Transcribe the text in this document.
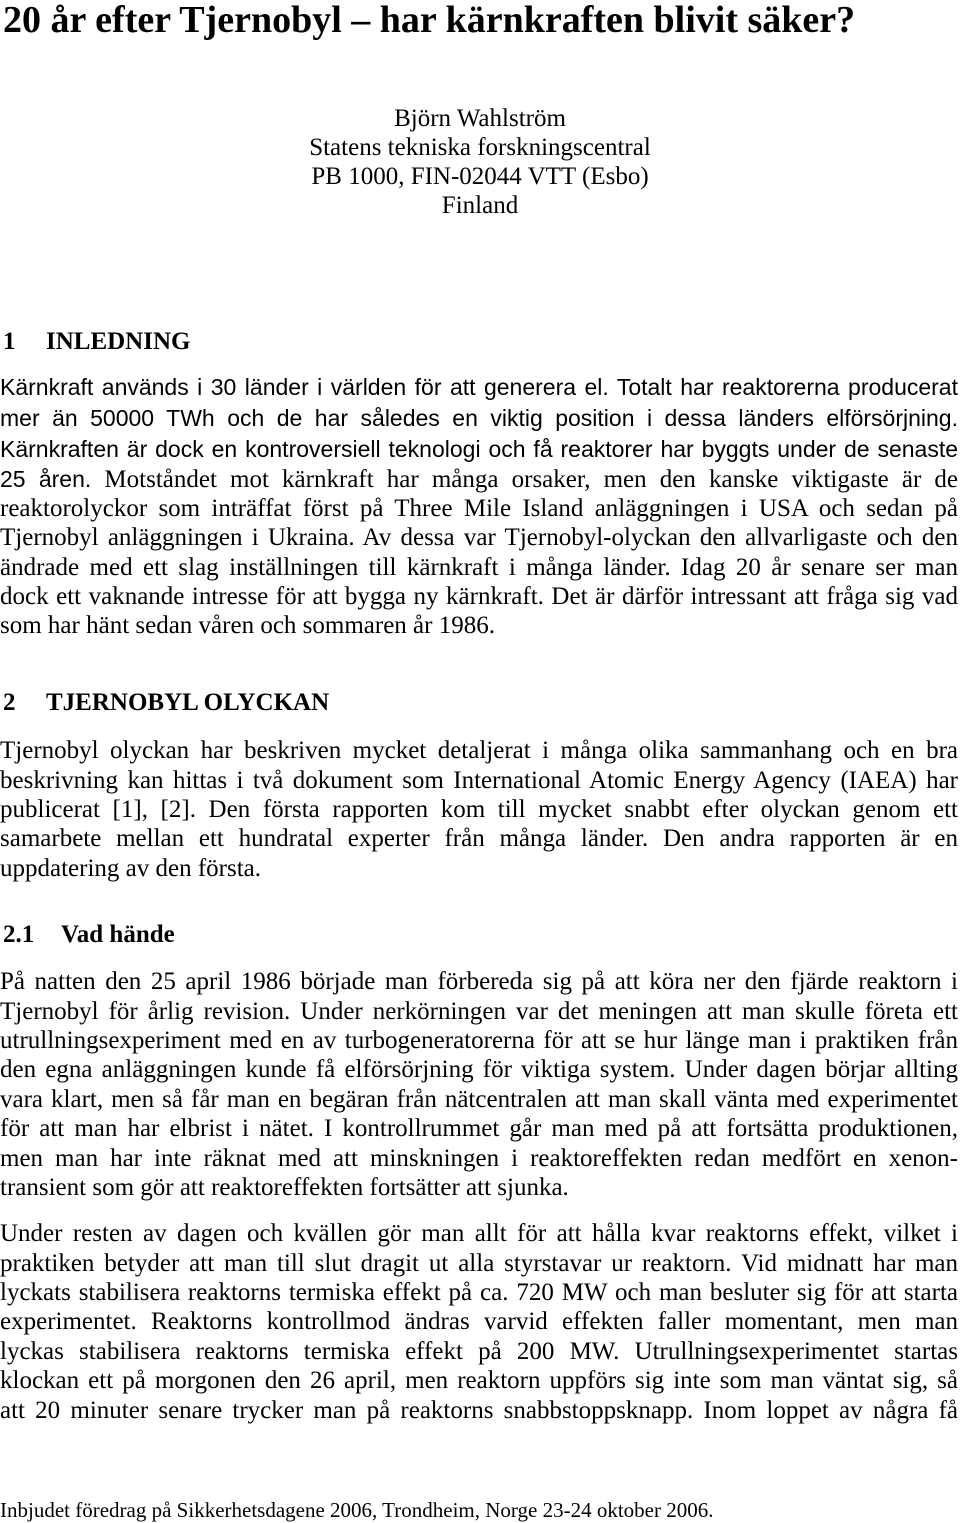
20 år efter Tjernobyl – har kärnkraften blivit säker?
Björn Wahlström
Statens tekniska forskningscentral
PB 1000, FIN-02044 VTT (Esbo)
Finland
1 INLEDNING
Kärnkraft används i 30 länder i världen för att generera el. Totalt har reaktorerna producerat
mer än 50000 TWh och de har således en viktig position i dessa länders elförsörjning.
Kärnkraften är dock en kontroversiell teknologi och få reaktorer har byggts under de senaste
25 åren. Motståndet mot kärnkraft har många orsaker, men den kanske viktigaste är de
reaktorolyckor som inträffat först på Three Mile Island anläggningen i USA och sedan på
Tjernobyl anläggningen i Ukraina. Av dessa var Tjernobyl-olyckan den allvarligaste och den
ändrade med ett slag inställningen till kärnkraft i många länder. Idag 20 år senare ser man
dock ett vaknande intresse för att bygga ny kärnkraft. Det är därför intressant att fråga sig vad
som har hänt sedan våren och sommaren år 1986.
2 TJERNOBYL OLYCKAN
Tjernobyl olyckan har beskriven mycket detaljerat i många olika sammanhang och en bra
beskrivning kan hittas i två dokument som International Atomic Energy Agency (IAEA) har
publicerat [1], [2]. Den första rapporten kom till mycket snabbt efter olyckan genom ett
samarbete mellan ett hundratal experter från många länder. Den andra rapporten är en
uppdatering av den första.
2.1 Vad hände
På natten den 25 april 1986 började man förbereda sig på att köra ner den fjärde reaktorn i
Tjernobyl för årlig revision. Under nerkörningen var det meningen att man skulle företa ett
utrullningsexperiment med en av turbogeneratorerna för att se hur länge man i praktiken från
den egna anläggningen kunde få elförsörjning för viktiga system. Under dagen börjar allting
vara klart, men så får man en begäran från nätcentralen att man skall vänta med experimentet
för att man har elbrist i nätet. I kontrollrummet går man med på att fortsätta produktionen,
men man har inte räknat med att minskningen i reaktoreffekten redan medfört en xenon-
transient som gör att reaktoreffekten fortsätter att sjunka.
Under resten av dagen och kvällen gör man allt för att hålla kvar reaktorns effekt, vilket i
praktiken betyder att man till slut dragit ut alla styrstavar ur reaktorn. Vid midnatt har man
lyckats stabilisera reaktorns termiska effekt på ca. 720 MW och man besluter sig för att starta
experimentet. Reaktorns kontrollmod ändras varvid effekten faller momentant, men man
lyckas stabilisera reaktorns termiska effekt på 200 MW. Utrullningsexperimentet startas
klockan ett på morgonen den 26 april, men reaktorn uppförs sig inte som man väntat sig, så
att 20 minuter senare trycker man på reaktorns snabbstoppsknapp. Inom loppet av några få
Inbjudet föredrag på Sikkerhetsdagene 2006, Trondheim, Norge 23-24 oktober 2006.
